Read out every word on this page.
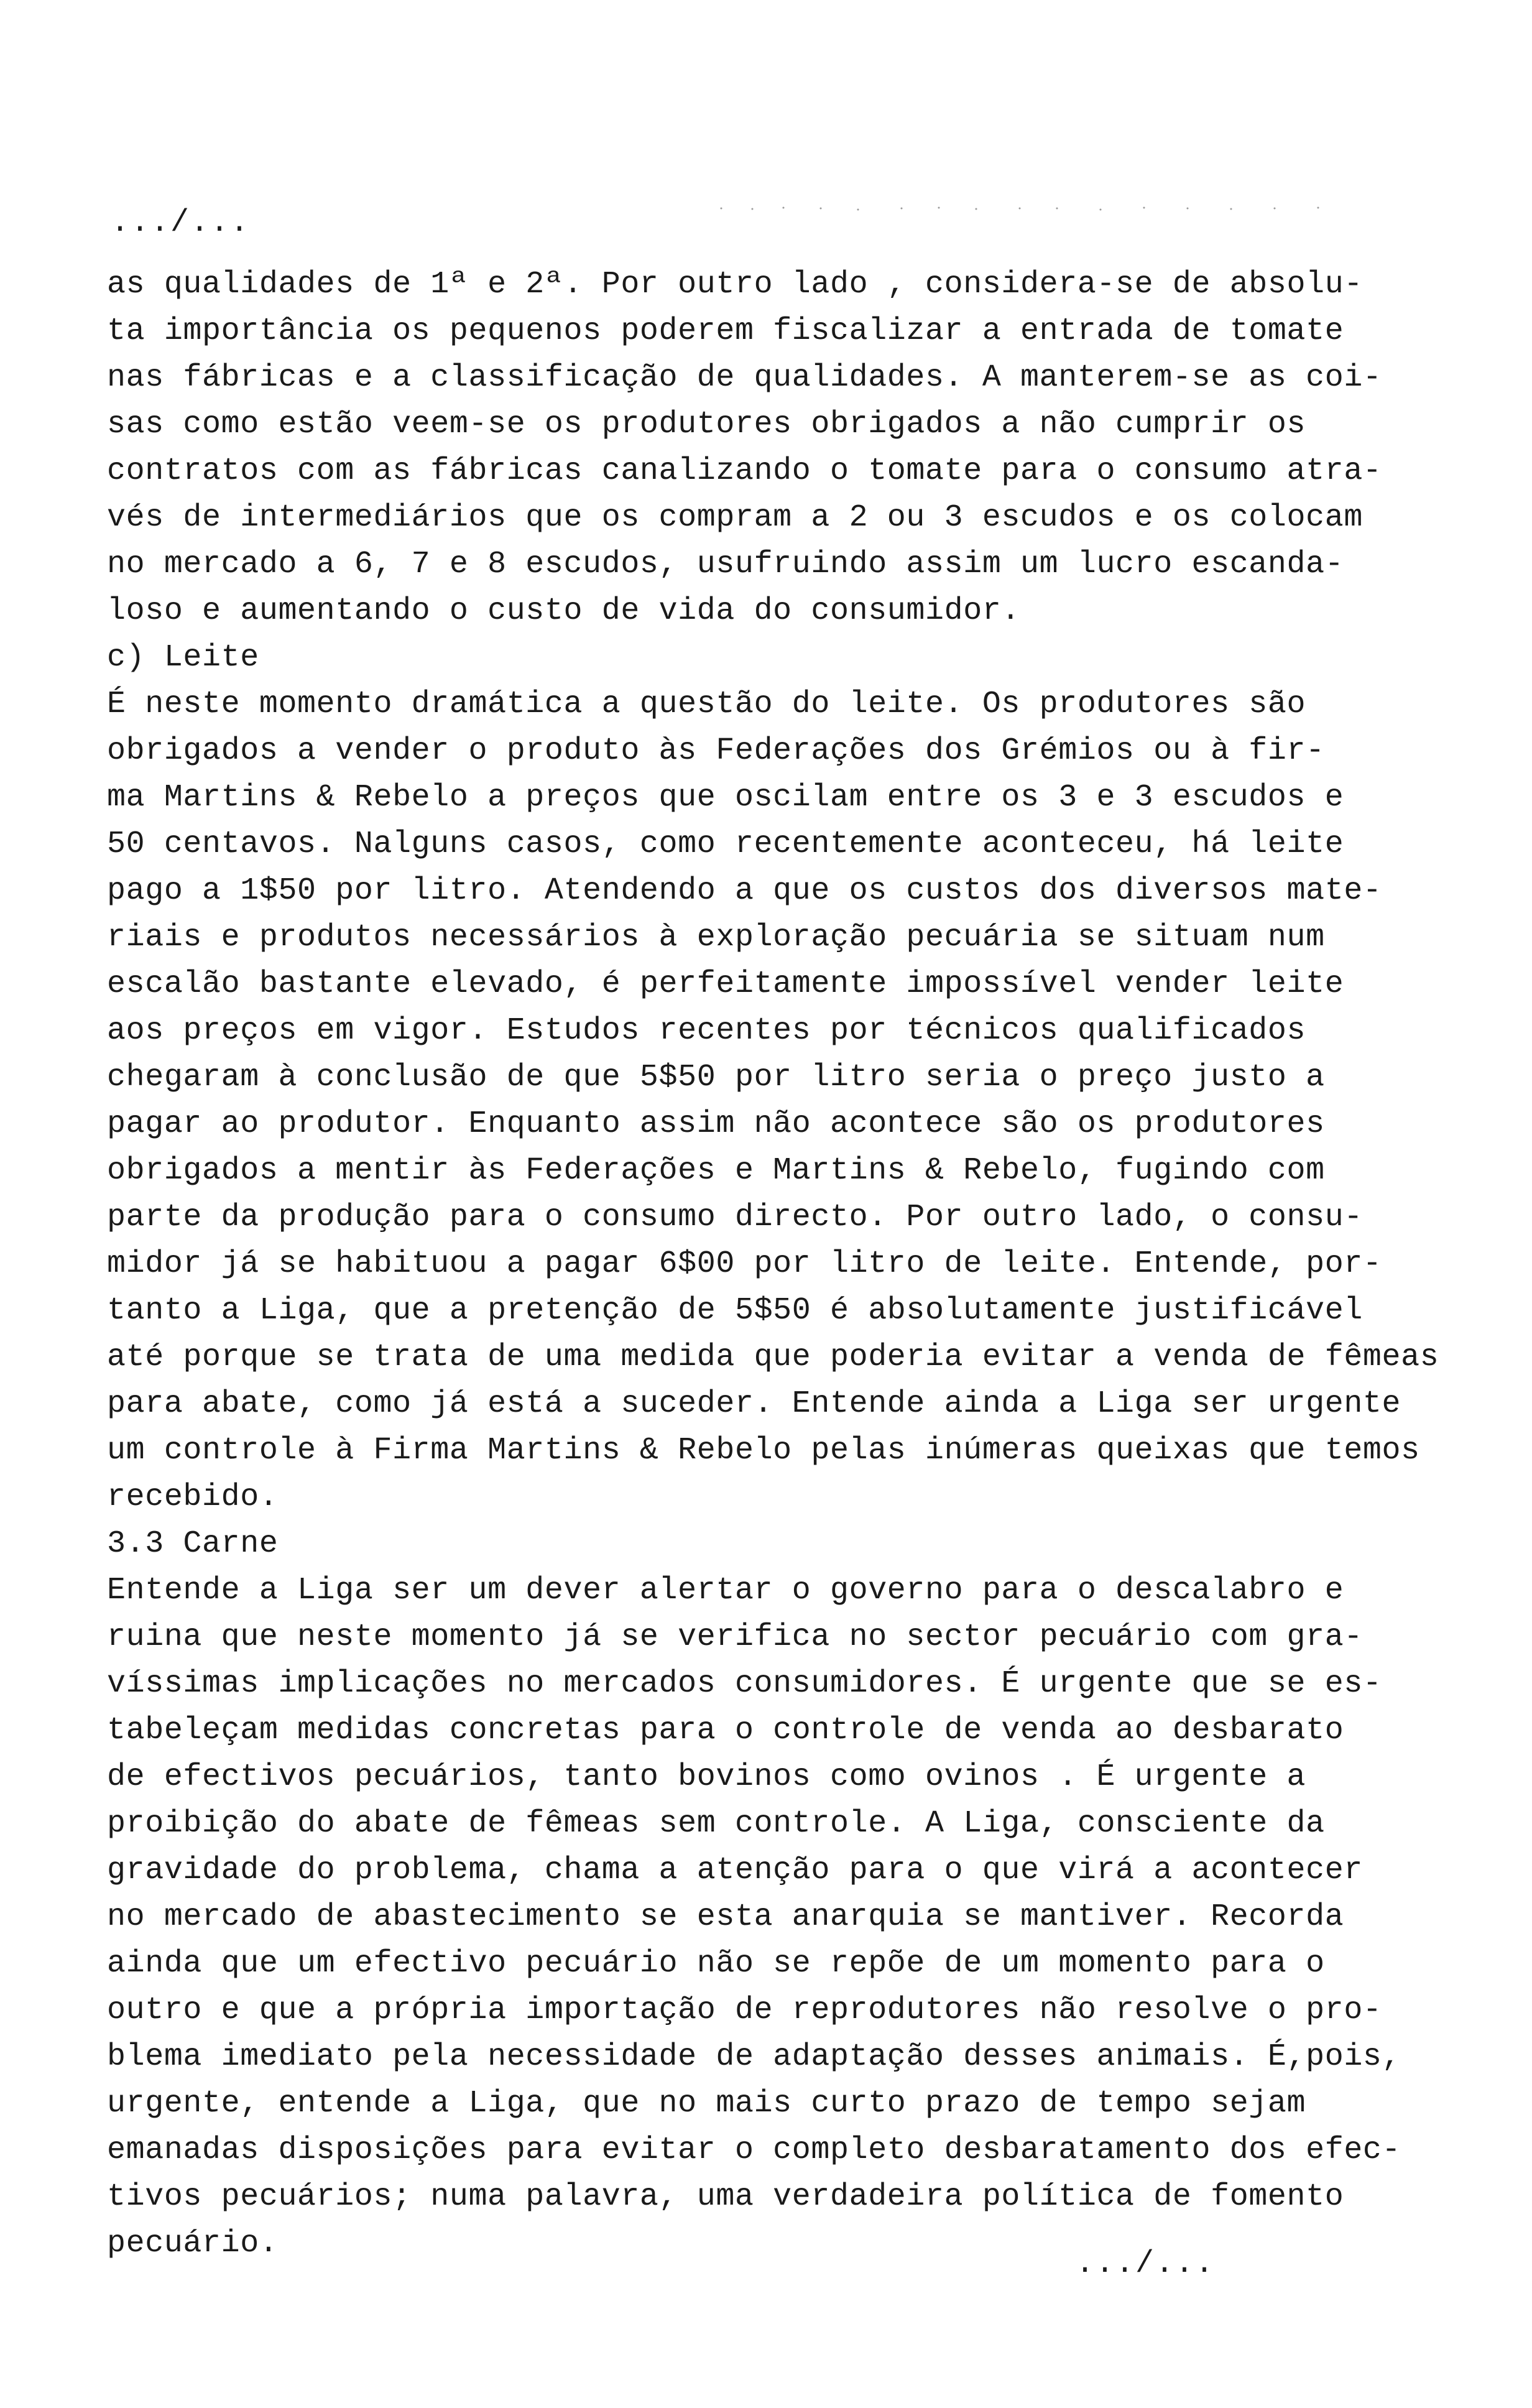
.../...
as qualidades de 1ª e 2ª. Por outro lado , considera-se de absolu-
ta importância os pequenos poderem fiscalizar a entrada de tomate
nas fábricas e a classificação de qualidades. A manterem-se as coi-
sas como estão veem-se os produtores obrigados a não cumprir os
contratos com as fábricas canalizando o tomate para o consumo atra-
vés de intermediários que os compram a 2 ou 3 escudos e os colocam
no mercado a 6, 7 e 8 escudos, usufruindo assim um lucro escanda-
loso e aumentando o custo de vida do consumidor.
c) Leite
É neste momento dramática a questão do leite. Os produtores são
obrigados a vender o produto às Federações dos Grémios ou à fir-
ma Martins & Rebelo a preços que oscilam entre os 3 e 3 escudos e
50 centavos. Nalguns casos, como recentemente aconteceu, há leite
pago a 1$50 por litro. Atendendo a que os custos dos diversos mate-
riais e produtos necessários à exploração pecuária se situam num
escalão bastante elevado, é perfeitamente impossível vender leite
aos preços em vigor. Estudos recentes por técnicos qualificados
chegaram à conclusão de que 5$50 por litro seria o preço justo a
pagar ao produtor. Enquanto assim não acontece são os produtores
obrigados a mentir às Federações e Martins & Rebelo, fugindo com
parte da produção para o consumo directo. Por outro lado, o consu-
midor já se habituou a pagar 6$00 por litro de leite. Entende, por-
tanto a Liga, que a pretenção de 5$50 é absolutamente justificável
até porque se trata de uma medida que poderia evitar a venda de fêmeas
para abate, como já está a suceder. Entende ainda a Liga ser urgente
um controle à Firma Martins & Rebelo pelas inúmeras queixas que temos
recebido.
3.3 Carne
Entende a Liga ser um dever alertar o governo para o descalabro e
ruina que neste momento já se verifica no sector pecuário com gra-
víssimas implicações no mercados consumidores. É urgente que se es-
tabeleçam medidas concretas para o controle de venda ao desbarato
de efectivos pecuários, tanto bovinos como ovinos . É urgente a
proibição do abate de fêmeas sem controle. A Liga, consciente da
gravidade do problema, chama a atenção para o que virá a acontecer
no mercado de abastecimento se esta anarquia se mantiver. Recorda
ainda que um efectivo pecuário não se repõe de um momento para o
outro e que a própria importação de reprodutores não resolve o pro-
blema imediato pela necessidade de adaptação desses animais. É,pois,
urgente, entende a Liga, que no mais curto prazo de tempo sejam
emanadas disposições para evitar o completo desbaratamento dos efec-
tivos pecuários; numa palavra, uma verdadeira política de fomento
pecuário.
.../...
